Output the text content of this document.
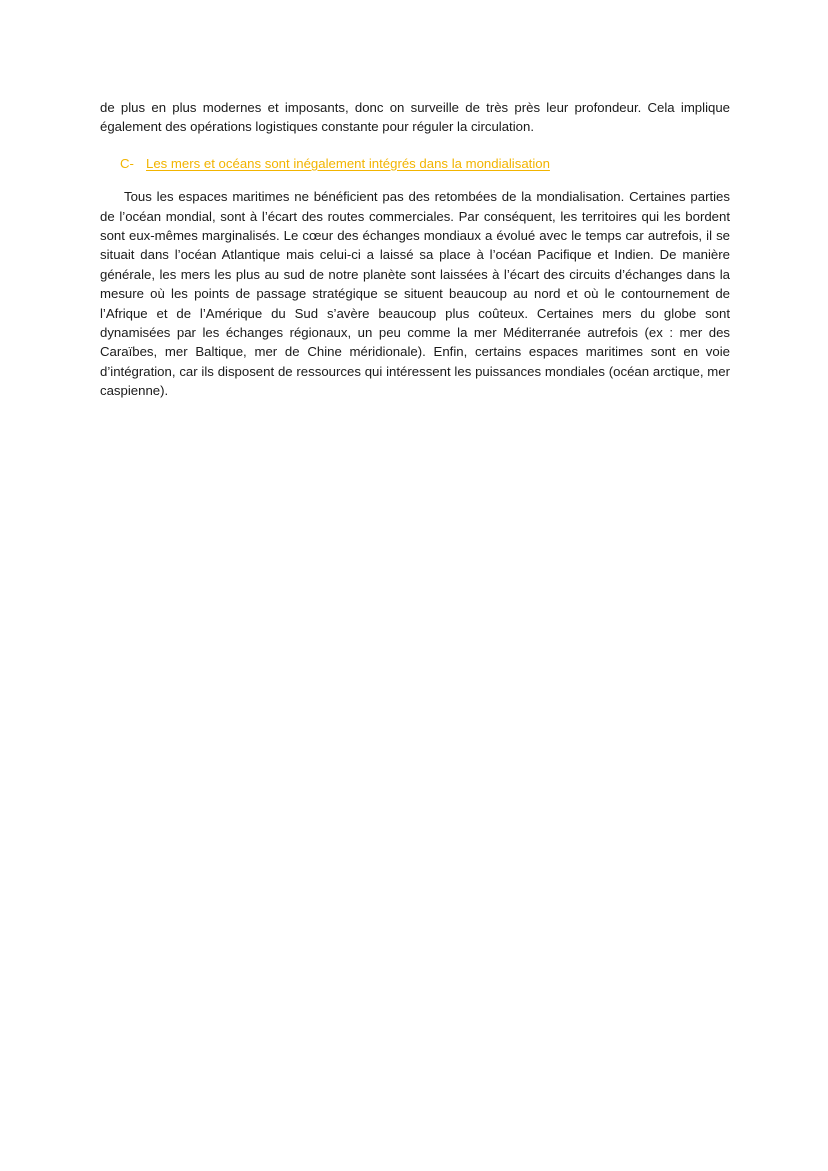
de plus en plus modernes et imposants, donc on surveille de très près leur profondeur. Cela implique également des opérations logistiques constante pour réguler la circulation.

C- Les mers et océans sont inégalement intégrés dans la mondialisation

Tous les espaces maritimes ne bénéficient pas des retombées de la mondialisation. Certaines parties de l’océan mondial, sont à l’écart des routes commerciales. Par conséquent, les territoires qui les bordent sont eux-mêmes marginalisés. Le cœur des échanges mondiaux a évolué avec le temps car autrefois, il se situait dans l’océan Atlantique mais celui-ci a laissé sa place à l’océan Pacifique et Indien. De manière générale, les mers les plus au sud de notre planète sont laissées à l’écart des circuits d’échanges dans la mesure où les points de passage stratégique se situent beaucoup au nord et où le contournement de l’Afrique et de l’Amérique du Sud s’avère beaucoup plus coûteux. Certaines mers du globe sont dynamisées par les échanges régionaux, un peu comme la mer Méditerranée autrefois (ex : mer des Caraïbes, mer Baltique, mer de Chine méridionale). Enfin, certains espaces maritimes sont en voie d’intégration, car ils disposent de ressources qui intéressent les puissances mondiales (océan arctique, mer caspienne).
